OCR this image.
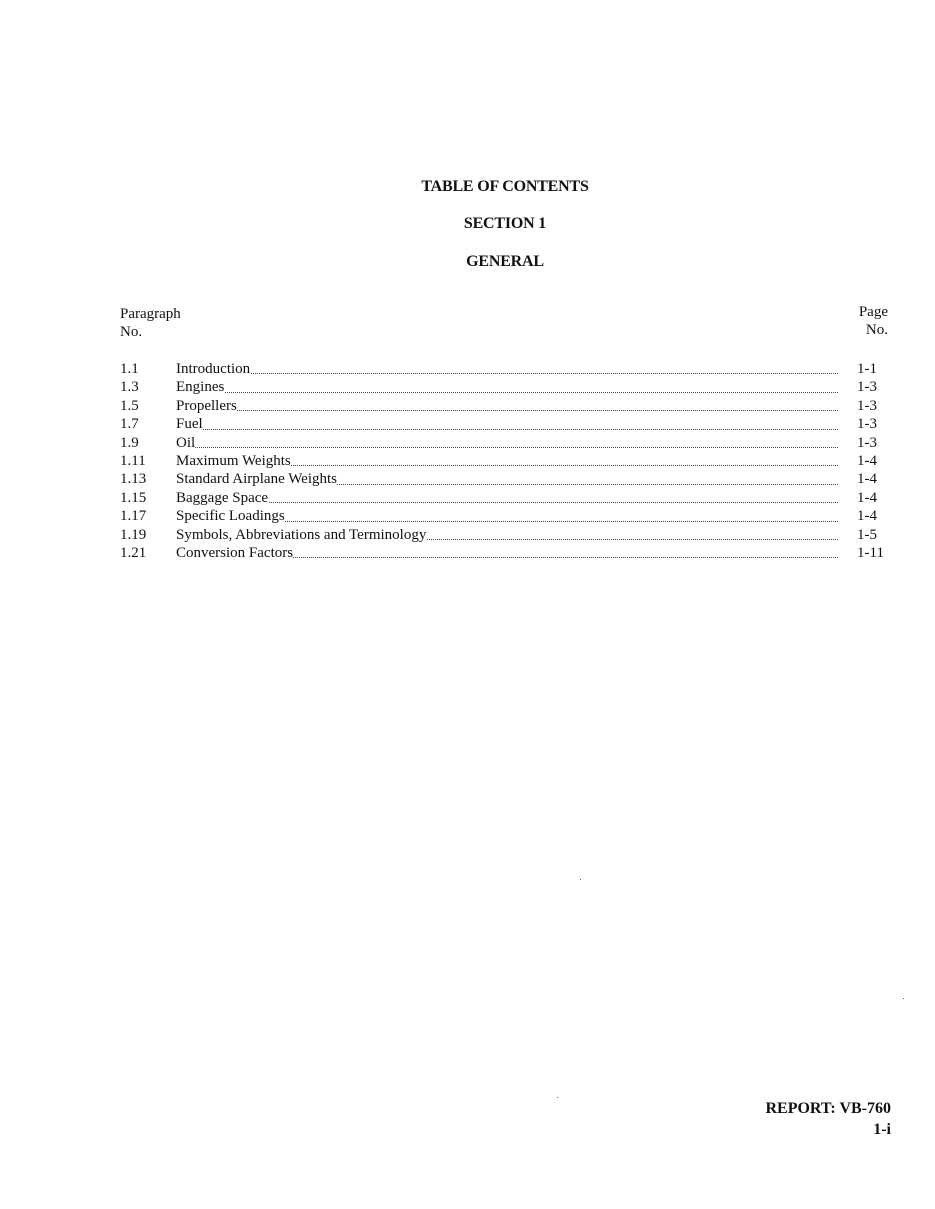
TABLE OF CONTENTS
SECTION 1
GENERAL
Paragraph
No.
Page
No.
1.1 Introduction	1-1
1.3 Engines	1-3
1.5 Propellers	1-3
1.7 Fuel	1-3
1.9 Oil	1-3
1.11 Maximum Weights	1-4
1.13 Standard Airplane Weights	1-4
1.15 Baggage Space	1-4
1.17 Specific Loadings	1-4
1.19 Symbols, Abbreviations and Terminology	1-5
1.21 Conversion Factors	1-11
REPORT: VB-760
1-i
